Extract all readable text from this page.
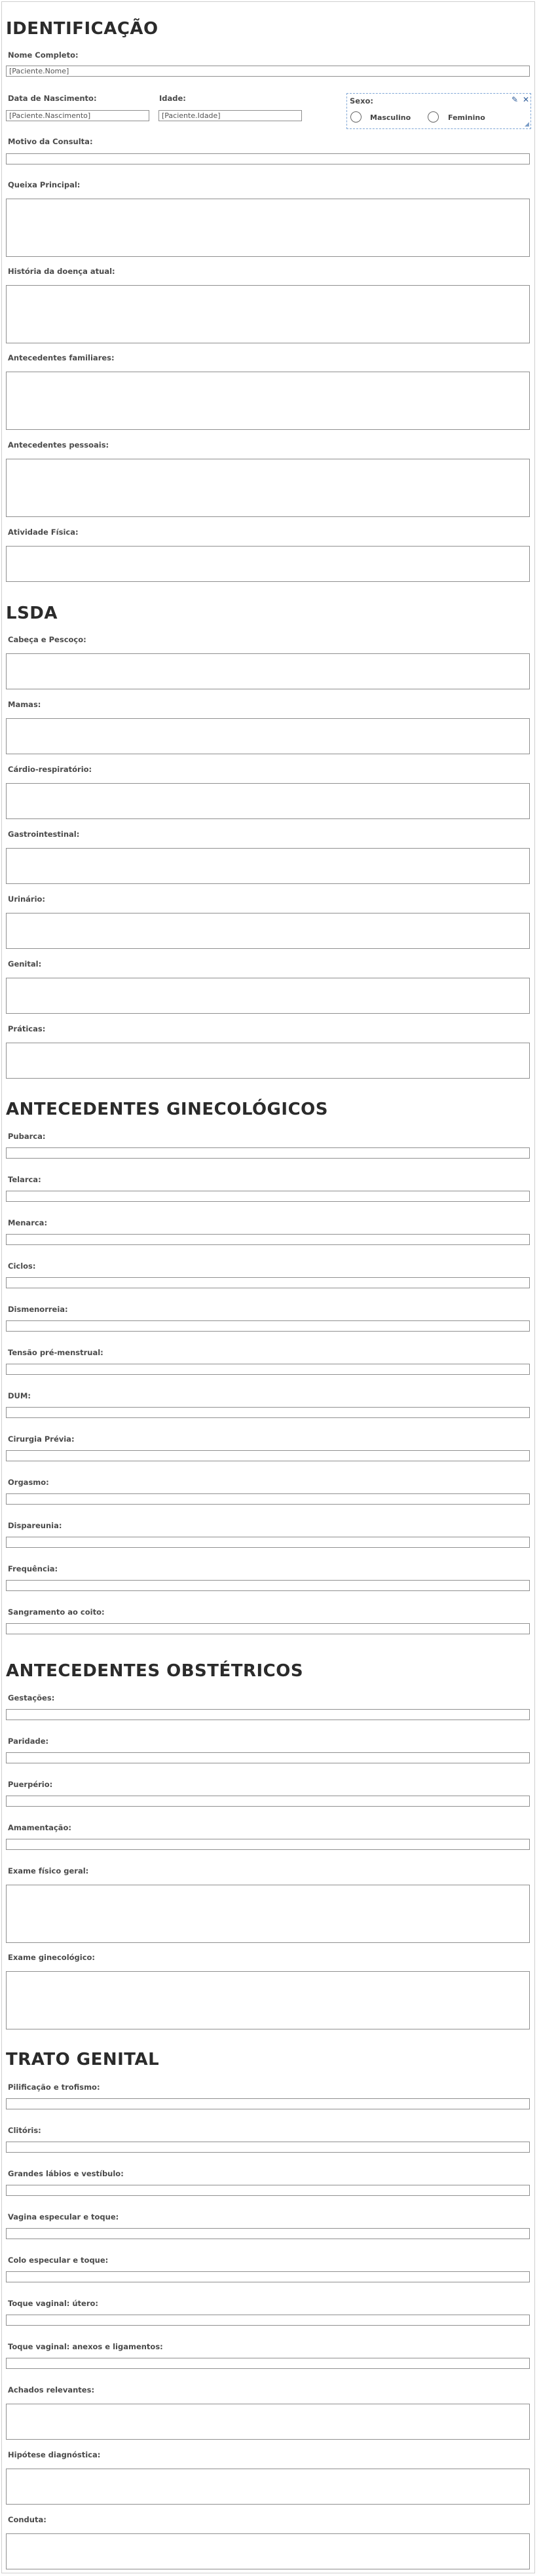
IDENTIFICAÇÃO
Nome Completo:
[Paciente.Nome]
Data de Nascimento:
[Paciente.Nascimento]
Idade:
[Paciente.Idade]
Sexo:	✎ ✕
Masculino	Feminino
◢
Motivo da Consulta:
Queixa Principal:
História da doença atual:
Antecedentes familiares:
Antecedentes pessoais:
Atividade Física:
LSDA
Cabeça e Pescoço:
Mamas:
Cárdio-respiratório:
Gastrointestinal:
Urinário:
Genital:
Práticas:
ANTECEDENTES GINECOLÓGICOS
Pubarca:
Telarca:
Menarca:
Ciclos:
Dismenorreia:
Tensão pré-menstrual:
DUM:
Cirurgia Prévia:
Orgasmo:
Dispareunia:
Frequência:
Sangramento ao coito:
ANTECEDENTES OBSTÉTRICOS
Gestações:
Paridade:
Puerpério:
Amamentação:
Exame físico geral:
Exame ginecológico:
TRATO GENITAL
Pilificação e trofismo:
Clitóris:
Grandes lábios e vestíbulo:
Vagina especular e toque:
Colo especular e toque:
Toque vaginal: útero:
Toque vaginal: anexos e ligamentos:
Achados relevantes:
Hipótese diagnóstica:
Conduta:
